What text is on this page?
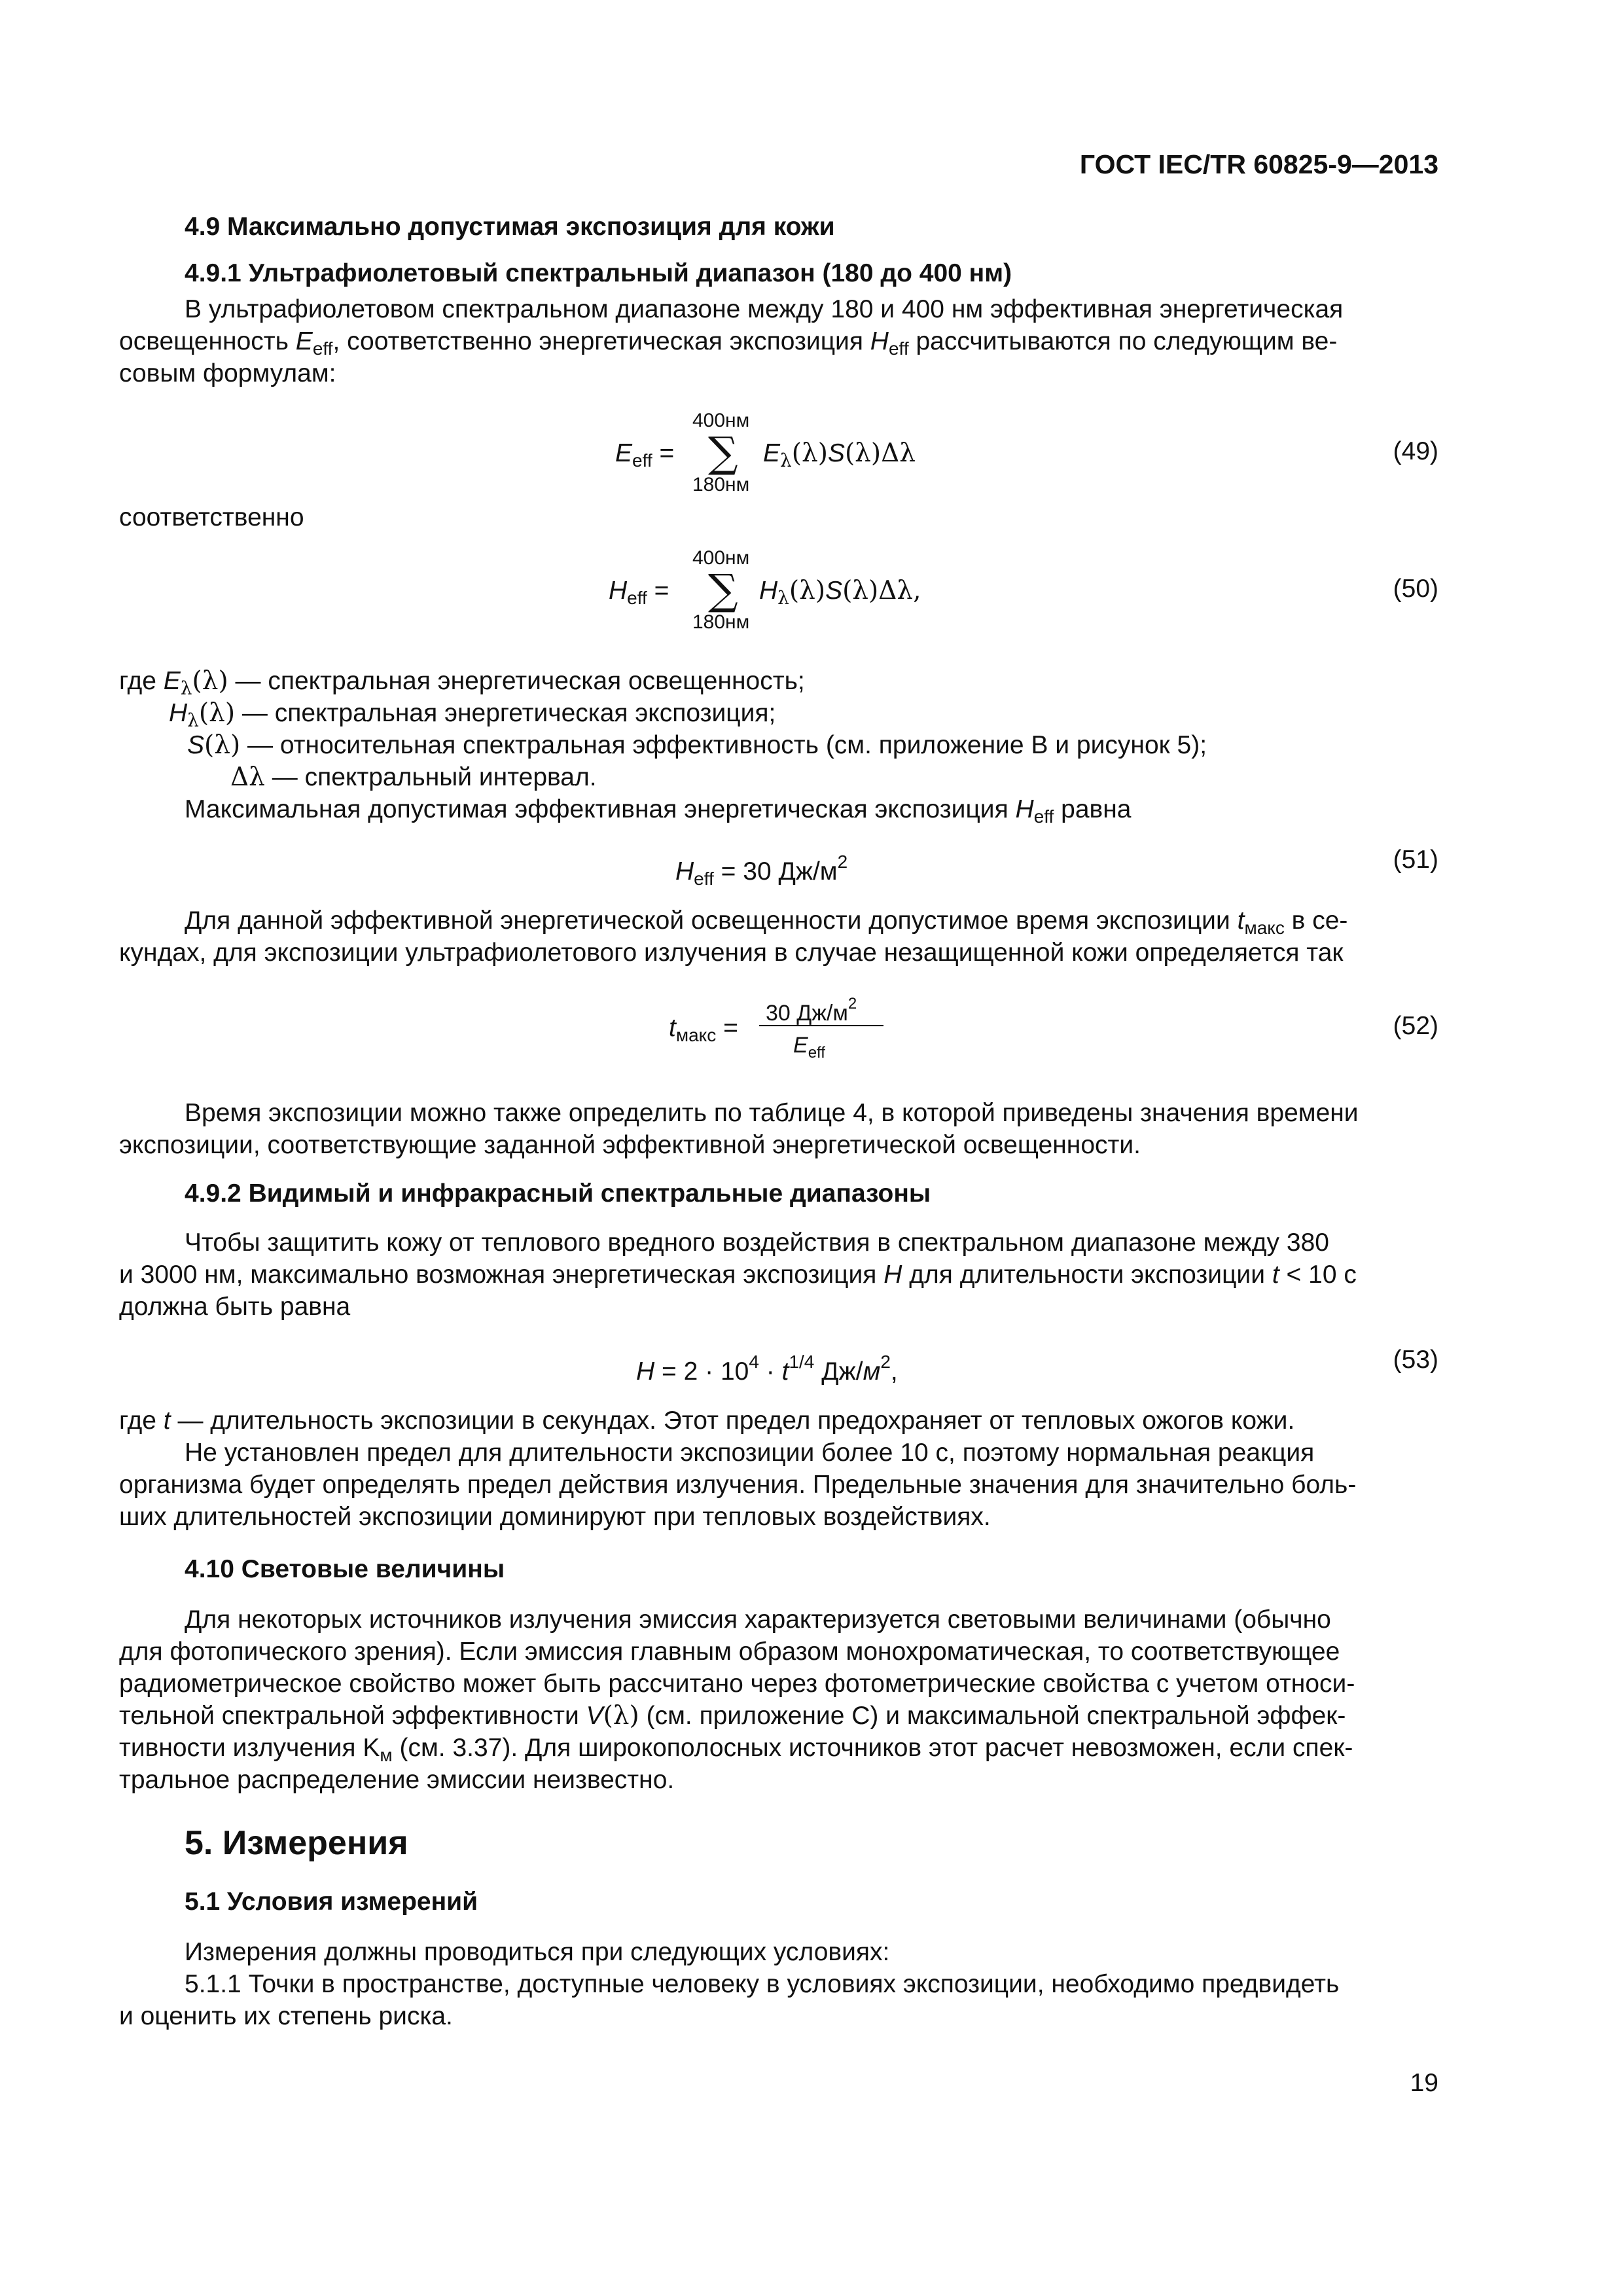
ГОСТ IEC/TR 60825-9—2013
4.9 Максимально допустимая экспозиция для кожи
4.9.1 Ультрафиолетовый спектральный диапазон (180 до 400 нм)
В ультрафиолетовом спектральном диапазоне между 180 и 400 нм эффективная энергетическая
освещенность $E_{eff}$, соответственно энергетическая экспозиция $H_{eff}$ рассчитываются по следующим ве-
совым формулам:
400нм
$E_{eff}$ = ∑ $E_\lambda(\lambda)S(\lambda)\Delta\lambda$
180нм
(49)
соответственно
400нм
$H_{eff}$ = ∑ $H_\lambda(\lambda)S(\lambda)\Delta\lambda$,
180нм
(50)
где $E_\lambda(\lambda)$ — спектральная энергетическая освещенность;
$H_\lambda(\lambda)$ — спектральная энергетическая экспозиция;
S(λ) — относительная спектральная эффективность (см. приложение В и рисунок 5);
Δλ — спектральный интервал.
Максимальная допустимая эффективная энергетическая экспозиция $H_{eff}$ равна
$H_{eff} = 30$ $Дж/м^2$	(51)
Для данной эффективной энергетической освещенности допустимое время экспозиции $t_{макс}$ в се-
кундах, для экспозиции ультрафиолетового излучения в случае незащищенной кожи определяется так
$t_{макс}$ =
30 $Дж/м^2$
$E_{eff}$
(52)
Время экспозиции можно также определить по таблице 4, в которой приведены значения времени
экспозиции, соответствующие заданной эффективной энергетической освещенности.
4.9.2 Видимый и инфракрасный спектральные диапазоны
Чтобы защитить кожу от теплового вредного воздействия в спектральном диапазоне между 380
и 3000 нм, максимально возможная энергетическая экспозиция H для длительности экспозиции t < 10 с
должна быть равна
$H = 2 \cdot 10^4 \cdot t^{1/4}$ $Дж/м^2$,	(53)
где t — длительность экспозиции в секундах. Этот предел предохраняет от тепловых ожогов кожи.
Не установлен предел для длительности экспозиции более 10 с, поэтому нормальная реакция
организма будет определять предел действия излучения. Предельные значения для значительно боль-
ших длительностей экспозиции доминируют при тепловых воздействиях.
4.10 Световые величины
Для некоторых источников излучения эмиссия характеризуется световыми величинами (обычно
для фотопического зрения). Если эмиссия главным образом монохроматическая, то соответствующее
радиометрическое свойство может быть рассчитано через фотометрические свойства с учетом относи-
тельной спектральной эффективности V(λ) (см. приложение С) и максимальной спектральной эффек-
тивности излучения $K_м$ (см. 3.37). Для широкополосных источников этот расчет невозможен, если спек-
тральное распределение эмиссии неизвестно.
5. Измерения
5.1 Условия измерений
Измерения должны проводиться при следующих условиях:
5.1.1 Точки в пространстве, доступные человеку в условиях экспозиции, необходимо предвидеть
и оценить их степень риска.
19
